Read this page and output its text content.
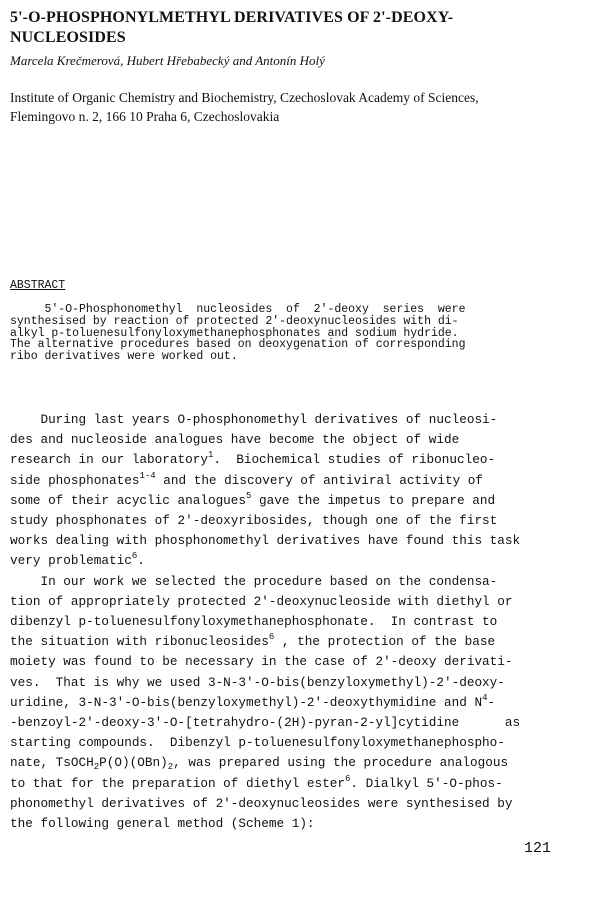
5'-O-PHOSPHONYLMETHYL DERIVATIVES OF 2'-DEOXY-
NUCLEOSIDES
Marcela Krečmerová, Hubert Hřebabecký and Antonín Holý
Institute of Organic Chemistry and Biochemistry, Czechoslovak Academy of Sciences,
Flemingovo n. 2, 166 10 Praha 6, Czechoslovakia
ABSTRACT
5'-O-Phosphonomethyl  nucleosides  of  2'-deoxy  series  were
synthesised by reaction of protected 2'-deoxynucleosides with di-
alkyl p-toluenesulfonyloxymethanephosphonates and sodium hydride.
The alternative procedures based on deoxygenation of corresponding
ribo derivatives were worked out.
During last years O-phosphonomethyl derivatives of nucleosi-
des and nucleoside analogues have become the object of wide
research in our laboratory$^1$.  Biochemical studies of ribonucleo-
side phosphonates$^{1-4}$ and the discovery of antiviral activity of
some of their acyclic analogues$^5$ gave the impetus to prepare and
study phosphonates of 2'-deoxyribosides, though one of the first
works dealing with phosphonomethyl derivatives have found this task
very problematic$^6$.
In our work we selected the procedure based on the condensa-
tion of appropriately protected 2'-deoxynucleoside with diethyl or
dibenzyl p-toluenesulfonyloxymethanephosphonate.  In contrast to
the situation with ribonucleosides$^6$ , the protection of the base
moiety was found to be necessary in the case of 2'-deoxy derivati-
ves.  That is why we used 3-N-3'-O-bis(benzyloxymethyl)-2'-deoxy-
uridine, 3-N-3'-O-bis(benzyloxymethyl)-2'-deoxythymidine and $N^4-$
-benzoyl-2'-deoxy-3'-O-[tetrahydro-(2H)-pyran-2-yl]cytidine      as
starting compounds.  Dibenzyl p-toluenesulfonyloxymethanephospho-
nate, $TsOCH_2P(O)(OBn)_2$, was prepared using the procedure analogous
to that for the preparation of diethyl ester$^6$. Dialkyl 5'-O-phos-
phonomethyl derivatives of 2'-deoxynucleosides were synthesised by
the following general method (Scheme 1):
121
